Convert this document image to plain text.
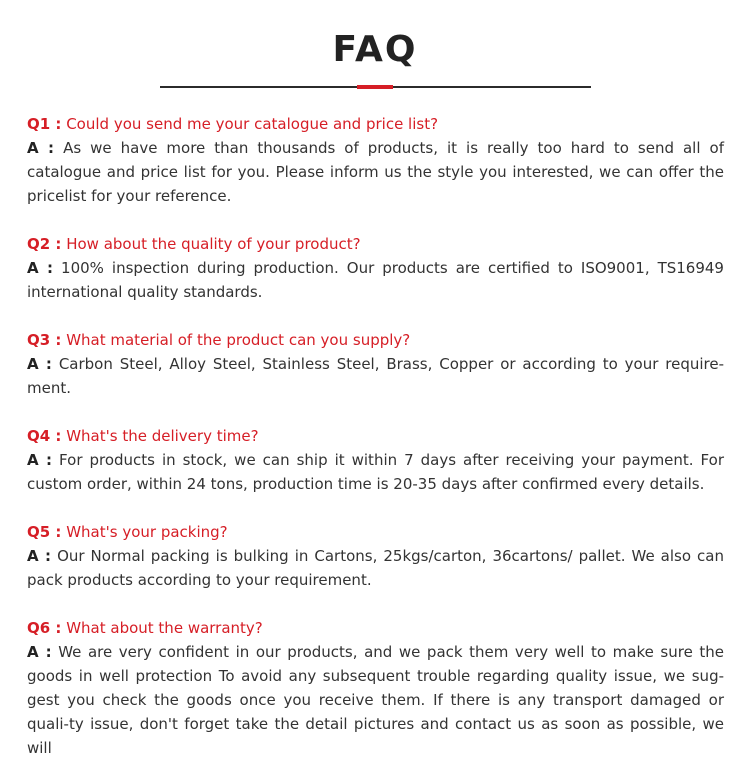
FAQ

Q1 : Could you send me your catalogue and price list?

A : As we have more than thousands of products, it is really too hard to send all of catalogue and price list for you. Please inform us the style you interested, we can offer the pricelist for your reference.

Q2 : How about the quality of your product?

A : 100% inspection during production. Our products are certified to ISO9001, TS16949 international quality standards.

Q3 : What material of the product can you supply?

A : Carbon Steel, Alloy Steel, Stainless Steel, Brass, Copper or according to your require-ment.

Q4 : What's the delivery time?

A : For products in stock, we can ship it within 7 days after receiving your payment. For custom order, within 24 tons, production time is 20-35 days after confirmed every details.

Q5 : What's your packing?

A : Our Normal packing is bulking in Cartons, 25kgs/carton, 36cartons/ pallet. We also can pack products according to your requirement.

Q6 : What about the warranty?

A : We are very confident in our products, and we pack them very well to make sure the goods in well protection To avoid any subsequent trouble regarding quality issue, we sug-gest you check the goods once you receive them. If there is any transport damaged or quali-ty issue, don't forget take the detail pictures and contact us as soon as possible, we will
